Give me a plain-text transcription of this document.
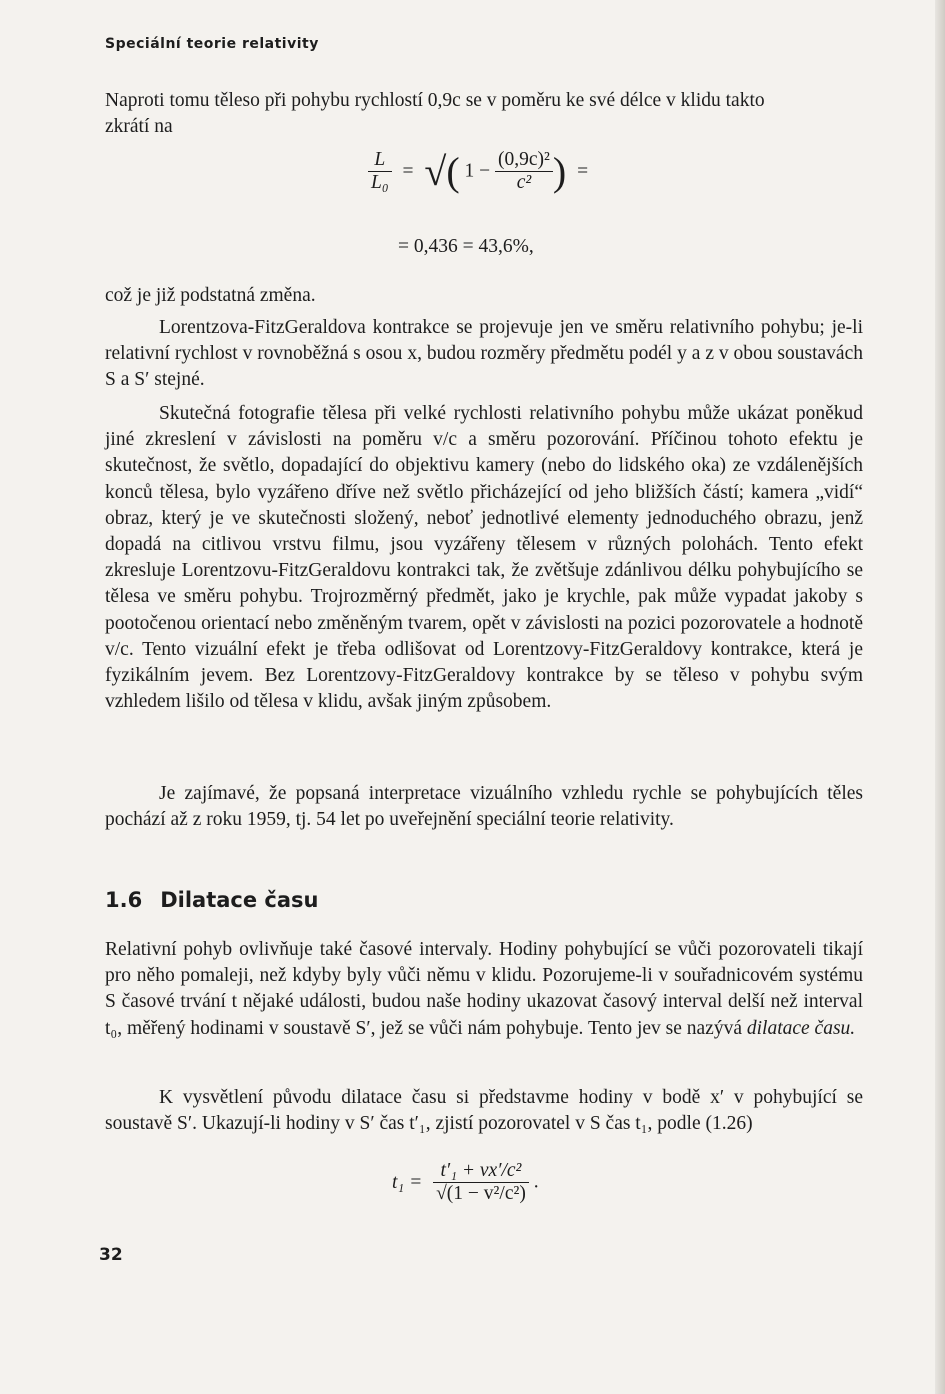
Speciální teorie relativity

Naproti tomu těleso při pohybu rychlostí 0,9c se v poměru ke své délce v klidu takto

zkrátí na

$\frac{L}{\text{L₀}}$ = √( $1 - \frac{\text{(0,9c)²}}{\text{c²}}$ ) =
= 0,436 = 43,6%,

což je již podstatná změna.

Lorentzova-FitzGeraldova kontrakce se projevuje jen ve směru relativního pohybu; je-li relativní rychlost v rovnoběžná s osou x, budou rozměry předmětu podél y a z v obou soustavách S a S′ stejné.

Skutečná fotografie tělesa při velké rychlosti relativního pohybu může ukázat poněkud jiné zkreslení v závislosti na poměru v/c a směru pozorování. Příčinou tohoto efektu je skutečnost, že světlo, dopadající do objektivu kamery (nebo do lidského oka) ze vzdálenějších konců tělesa, bylo vyzářeno dříve než světlo přicházející od jeho bližších částí; kamera „vidí“ obraz, který je ve skutečnosti složený, neboť jednotlivé elementy jednoduchého obrazu, jenž dopadá na citlivou vrstvu filmu, jsou vyzářeny tělesem v různých polohách. Tento efekt zkresluje Lorentzovu-FitzGeraldovu kontrakci tak, že zvětšuje zdánlivou délku pohybujícího se tělesa ve směru pohybu. Trojrozměrný předmět, jako je krychle, pak může vypadat jakoby s pootočenou orientací nebo změněným tvarem, opět v závislosti na pozici pozorovatele a hodnotě v/c. Tento vizuální efekt je třeba odlišovat od Lorentzovy-FitzGeraldovy kontrakce, která je fyzikálním jevem. Bez Lorentzovy-FitzGeraldovy kontrakce by se těleso v pohybu svým vzhledem lišilo od tělesa v klidu, avšak jiným způsobem.

Je zajímavé, že popsaná interpretace vizuálního vzhledu rychle se pohybujících těles pochází až z roku 1959, tj. 54 let po uveřejnění speciální teorie relativity.

1.6 Dilatace času

Relativní pohyb ovlivňuje také časové intervaly. Hodiny pohybující se vůči pozorovateli tikají pro něho pomaleji, než kdyby byly vůči němu v klidu. Pozorujeme-li v souřadnicovém systému S časové trvání t nějaké události, budou naše hodiny ukazovat časový interval delší než interval t₀, měřený hodinami v soustavě S′, jež se vůči nám pohybuje. Tento jev se nazývá dilatace času.

K vysvětlení původu dilatace času si představme hodiny v bodě x′ v pohybující se soustavě S′. Ukazují-li hodiny v S′ čas t′₁, zjistí pozorovatel v S čas t₁, podle (1.26)

$t_1 = \frac{\text{t′₁ + vx′/c²}}{\text{√(1 − v²/c²)}}$ .
32
